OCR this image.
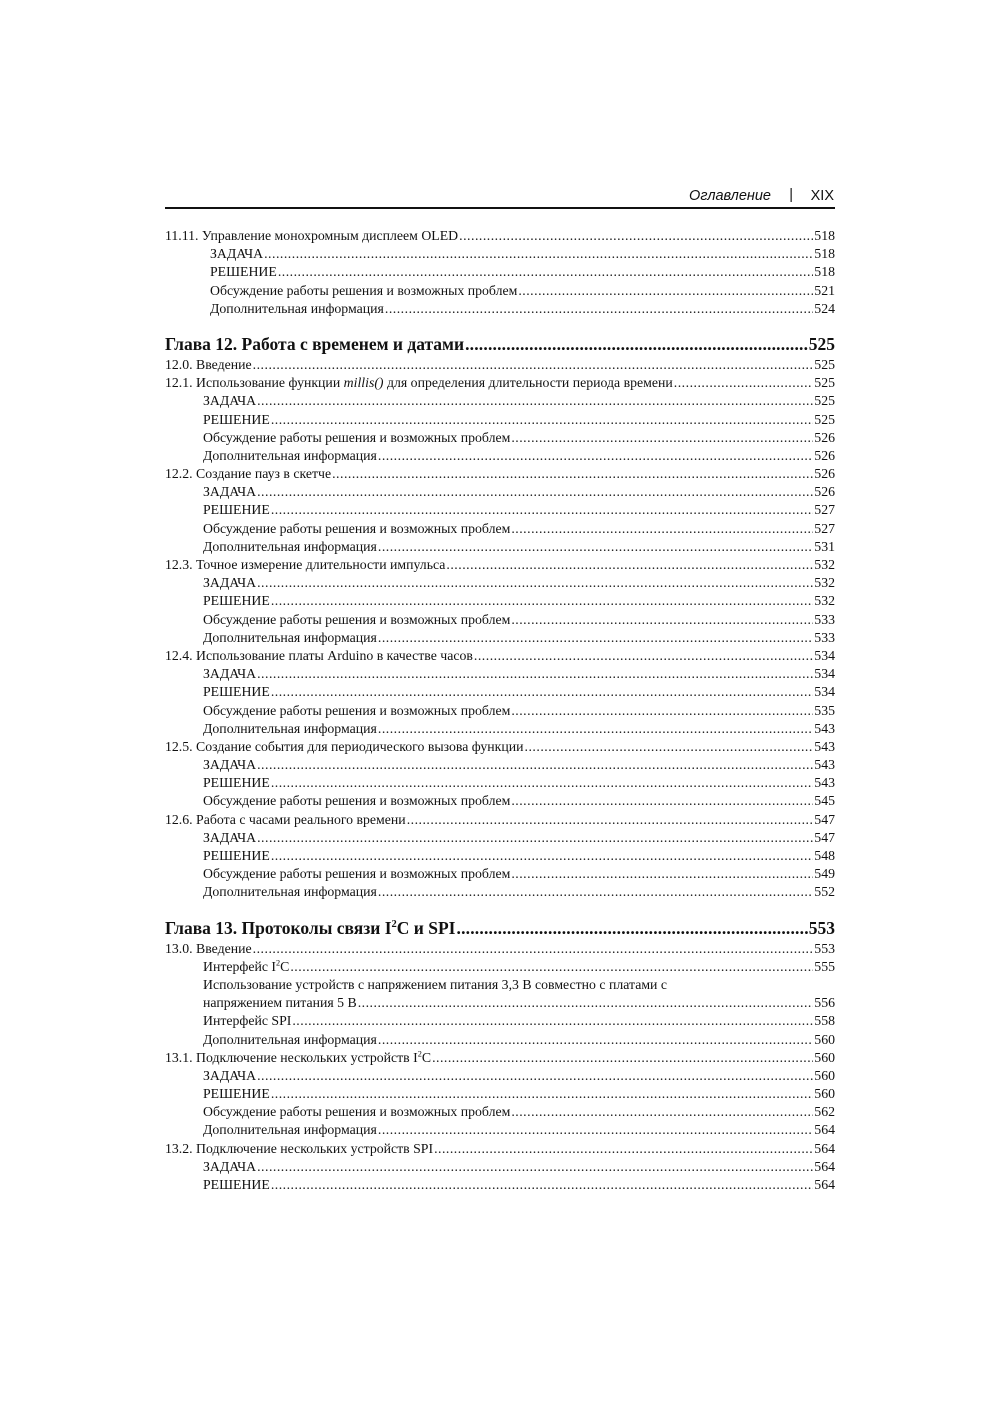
Оглавление | XIX
11.11. Управление монохромным дисплеем OLED .....	518
ЗАДАЧА .....	518
РЕШЕНИЕ .....	518
Обсуждение работы решения и возможных проблем .....	521
Дополнительная информация .....	524
Глава 12. Работа с временем и датами .....	525
12.0. Введение .....	525
12.1. Использование функции millis() для определения длительности периода времени .....	525
ЗАДАЧА .....	525
РЕШЕНИЕ .....	525
Обсуждение работы решения и возможных проблем .....	526
Дополнительная информация .....	526
12.2. Создание пауз в скетче .....	526
ЗАДАЧА .....	526
РЕШЕНИЕ .....	527
Обсуждение работы решения и возможных проблем .....	527
Дополнительная информация .....	531
12.3. Точное измерение длительности импульса .....	532
ЗАДАЧА .....	532
РЕШЕНИЕ .....	532
Обсуждение работы решения и возможных проблем .....	533
Дополнительная информация .....	533
12.4. Использование платы Arduino в качестве часов .....	534
ЗАДАЧА .....	534
РЕШЕНИЕ .....	534
Обсуждение работы решения и возможных проблем .....	535
Дополнительная информация .....	543
12.5. Создание события для периодического вызова функции .....	543
ЗАДАЧА .....	543
РЕШЕНИЕ .....	543
Обсуждение работы решения и возможных проблем .....	545
12.6. Работа с часами реального времени .....	547
ЗАДАЧА .....	547
РЕШЕНИЕ .....	548
Обсуждение работы решения и возможных проблем .....	549
Дополнительная информация .....	552
Глава 13. Протоколы связи $I^2C$ и SPI .....	553
13.0. Введение .....	553
Интерфейс $I^2C$ .....	555
Использование устройств с напряжением питания 3,3 В совместно с платами с
напряжением питания 5 В .....	556
Интерфейс SPI .....	558
Дополнительная информация .....	560
13.1. Подключение нескольких устройств $I^2C$ .....	560
ЗАДАЧА .....	560
РЕШЕНИЕ .....	560
Обсуждение работы решения и возможных проблем .....	562
Дополнительная информация .....	564
13.2. Подключение нескольких устройств SPI .....	564
ЗАДАЧА .....	564
РЕШЕНИЕ .....	564
